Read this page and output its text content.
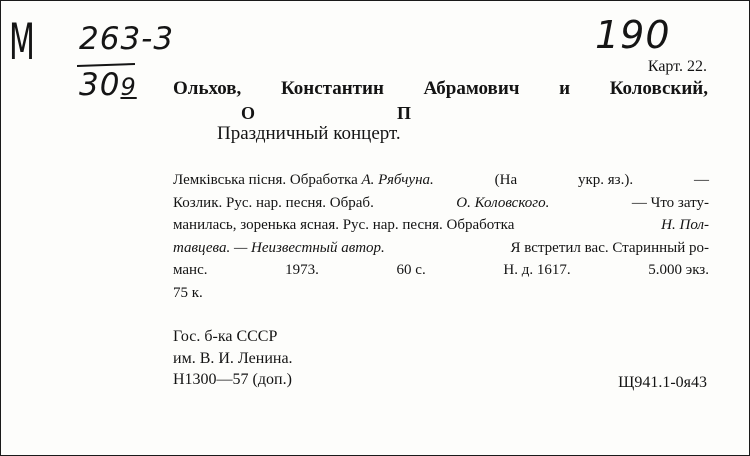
М 263-3
309
190
Карт. 22.
Ольхов, Константин Абрамович и Коловский,
О	П
Праздничный концерт.
Лемківська пісня. Обработка А. Рябчуна.	(На	укр. яз.).	—
Козлик. Рус. нар. песня. Обраб.	О. Коловского.	— Что зату-
манилась, зоренька ясная. Рус. нар. песня. Обработка	Н. Пол-
тавцева. — Неизвестный автор.	Я встретил вас. Старинный ро-
манс.	1973.	60 с.	Н. д. 1617.	5.000 экз.
75 к.
Гос. б-ка СССР
им. В. И. Ленина.
Н1300—57 (доп.)	Щ941.1-0я43
